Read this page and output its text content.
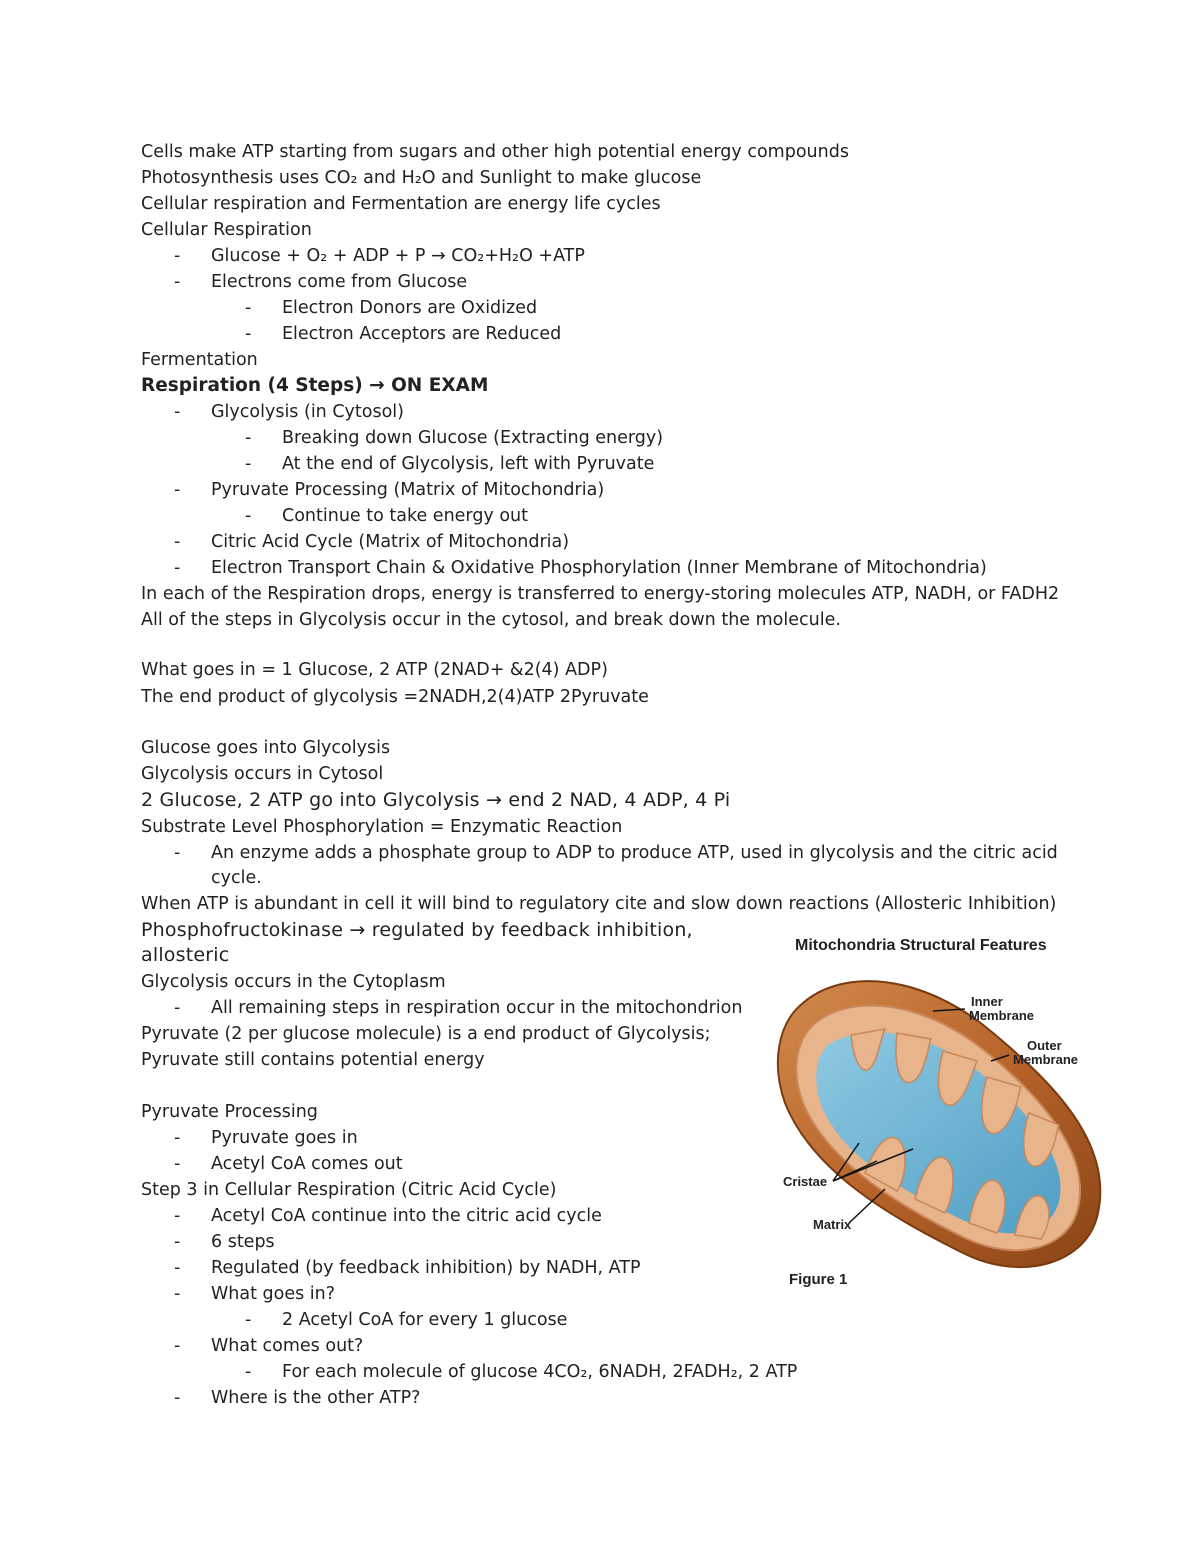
Cells make ATP starting from sugars and other high potential energy compounds
Photosynthesis uses CO₂ and H₂O and Sunlight to make glucose
Cellular respiration and Fermentation are energy life cycles
Cellular Respiration
- Glucose + O₂ + ADP + P → CO₂+H₂O +ATP
- Electrons come from Glucose
- Electron Donors are Oxidized
- Electron Acceptors are Reduced
Fermentation
Respiration (4 Steps) → ON EXAM
- Glycolysis (in Cytosol)
- Breaking down Glucose (Extracting energy)
- At the end of Glycolysis, left with Pyruvate
- Pyruvate Processing (Matrix of Mitochondria)
- Continue to take energy out
- Citric Acid Cycle (Matrix of Mitochondria)
- Electron Transport Chain & Oxidative Phosphorylation (Inner Membrane of Mitochondria)
In each of the Respiration drops, energy is transferred to energy-storing molecules ATP, NADH, or FADH2
All of the steps in Glycolysis occur in the cytosol, and break down the molecule.
What goes in = 1 Glucose, 2 ATP (2NAD+ &2(4) ADP)
The end product of glycolysis =2NADH,2(4)ATP 2Pyruvate
Glucose goes into Glycolysis
Glycolysis occurs in Cytosol
2 Glucose, 2 ATP go into Glycolysis → end 2 NAD, 4 ADP, 4 Pi
Substrate Level Phosphorylation = Enzymatic Reaction
- An enzyme adds a phosphate group to ADP to produce ATP, used in glycolysis and the citric acid
cycle.
When ATP is abundant in cell it will bind to regulatory cite and slow down reactions (Allosteric Inhibition)
Phosphofructokinase → regulated by feedback inhibition,
allosteric
Glycolysis occurs in the Cytoplasm
- All remaining steps in respiration occur in the mitochondrion
Pyruvate (2 per glucose molecule) is a end product of Glycolysis;
Pyruvate still contains potential energy
Pyruvate Processing
- Pyruvate goes in
- Acetyl CoA comes out
Step 3 in Cellular Respiration (Citric Acid Cycle)
- Acetyl CoA continue into the citric acid cycle
- 6 steps
- Regulated (by feedback inhibition) by NADH, ATP
- What goes in?
- 2 Acetyl CoA for every 1 glucose
- What comes out?
- For each molecule of glucose 4CO₂, 6NADH, 2FADH₂, 2 ATP
- Where is the other ATP?
Mitochondria Structural Features
Inner
Membrane
Outer
Membrane
Cristae
Matrix
Figure 1
